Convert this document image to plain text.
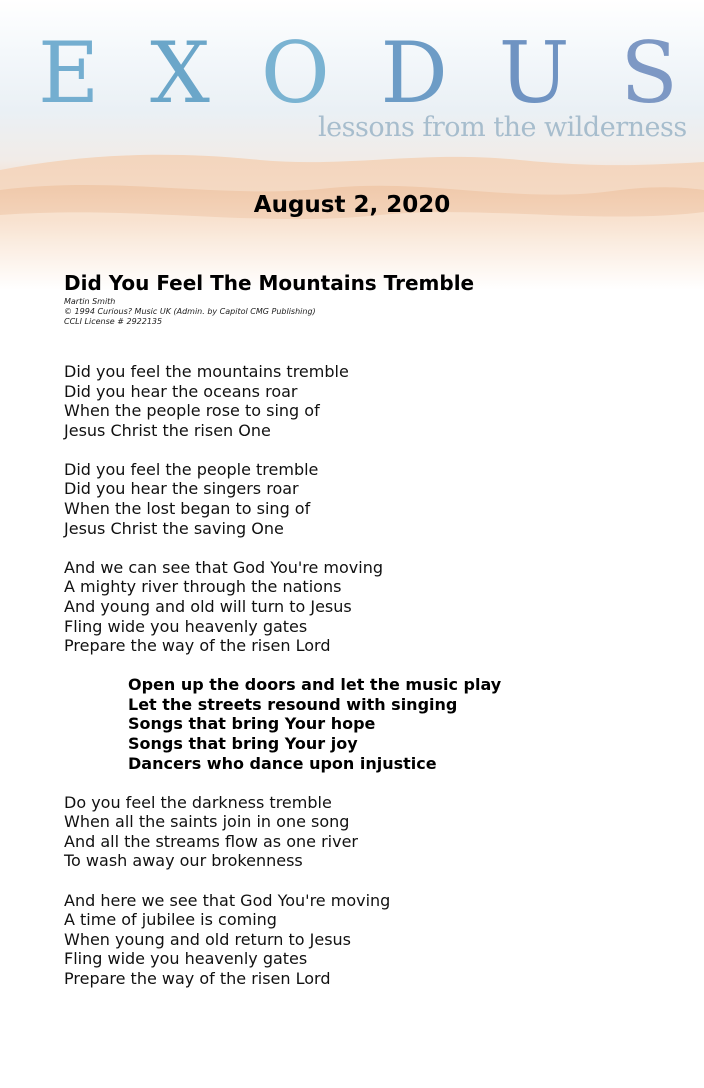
E X O D U S
lessons from the wilderness
August 2, 2020
Did You Feel The Mountains Tremble
Martin Smith
© 1994 Curious? Music UK (Admin. by Capitol CMG Publishing)
CCLI License # 2922135
Did you feel the mountains tremble
Did you hear the oceans roar
When the people rose to sing of
Jesus Christ the risen One
Did you feel the people tremble
Did you hear the singers roar
When the lost began to sing of
Jesus Christ the saving One
And we can see that God You're moving
A mighty river through the nations
And young and old will turn to Jesus
Fling wide you heavenly gates
Prepare the way of the risen Lord
Open up the doors and let the music play
Let the streets resound with singing
Songs that bring Your hope
Songs that bring Your joy
Dancers who dance upon injustice
Do you feel the darkness tremble
When all the saints join in one song
And all the streams flow as one river
To wash away our brokenness
And here we see that God You're moving
A time of jubilee is coming
When young and old return to Jesus
Fling wide you heavenly gates
Prepare the way of the risen Lord
